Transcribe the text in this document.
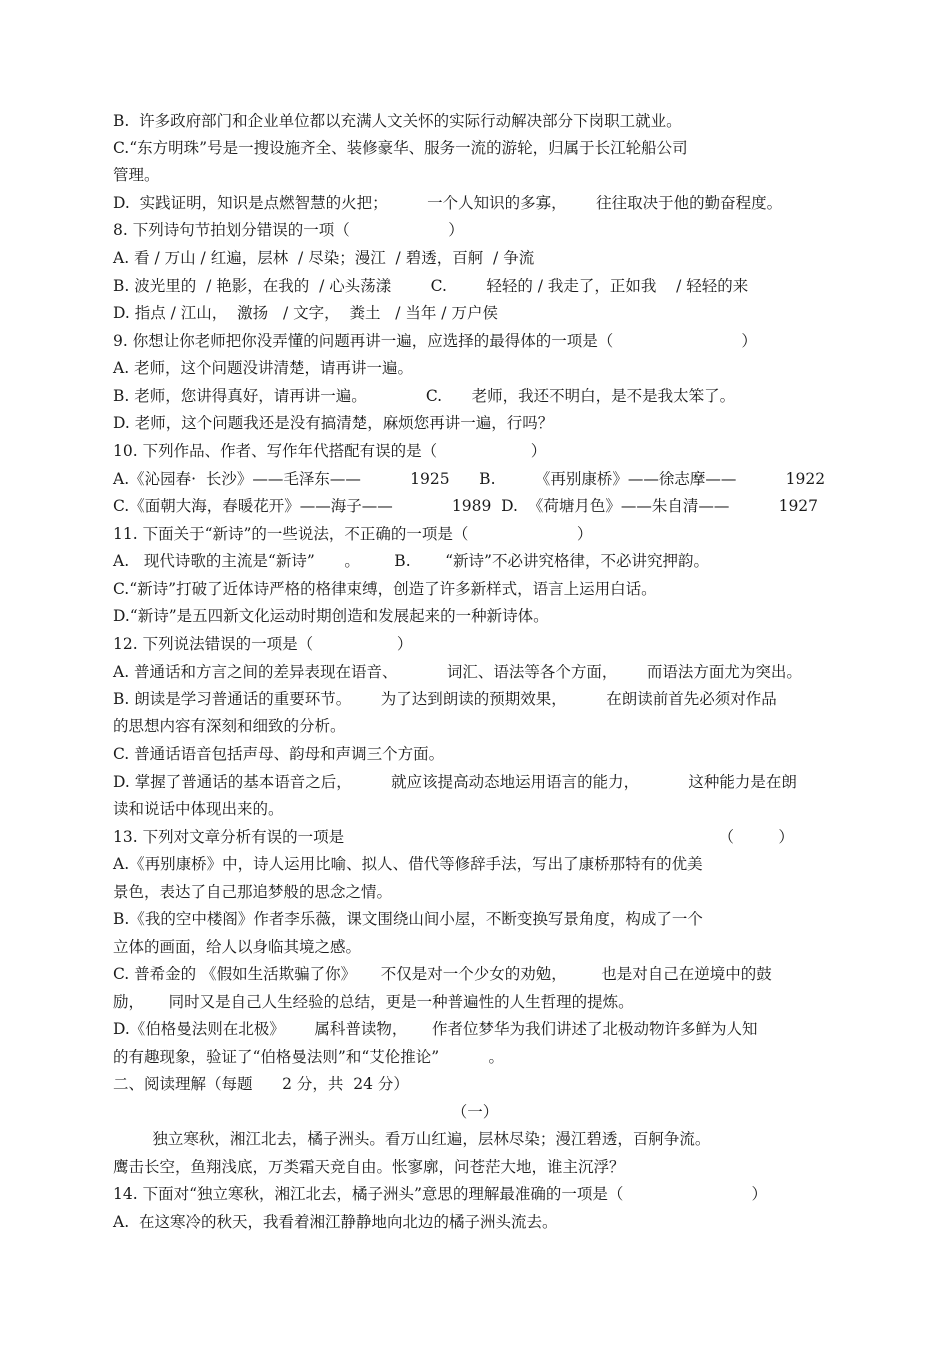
B.  许多政府部门和企业单位都以充满人文关怀的实际行动解决部分下岗职工就业。
C.“东方明珠”号是一搜设施齐全、装修豪华、服务一流的游轮，归属于长江轮船公司
管理。
D.  实践证明，知识是点燃智慧的火把；        一个人知识的多寡，      往往取决于他的勤奋程度。
8. 下列诗句节拍划分错误的一项（                    ）
A. 看 / 万山 / 红遍，层林  / 尽染；漫江  / 碧透，百舸  / 争流
B. 波光里的  / 艳影，在我的  / 心头荡漾        C.        轻轻的 / 我走了，正如我    / 轻轻的来
D. 指点 / 江山，  激扬   / 文字，  粪土   / 当年 / 万户侯
9. 你想让你老师把你没弄懂的问题再讲一遍，应选择的最得体的一项是（                          ）
A. 老师，这个问题没讲清楚，请再讲一遍。
B. 老师，您讲得真好，请再讲一遍。            C.      老师，我还不明白，是不是我太笨了。
D. 老师，这个问题我还是没有搞清楚，麻烦您再讲一遍，行吗？
10. 下列作品、作者、写作年代搭配有误的是（                   ）
A.《沁园春·  长沙》——毛泽东——          1925      B.        《再别康桥》——徐志摩——          1922
C.《面朝大海，春暖花开》——海子——            1989  D.  《荷塘月色》——朱自清——          1927
11. 下面关于“新诗”的一些说法，不正确的一项是（                      ）
A.   现代诗歌的主流是“新诗”      。       B.       “新诗”不必讲究格律，不必讲究押韵。
C.“新诗”打破了近体诗严格的格律束缚，创造了许多新样式，语言上运用白话。
D.“新诗”是五四新文化运动时期创造和发展起来的一种新诗体。
12. 下列说法错误的一项是（                 ）
A. 普通话和方言之间的差异表现在语音、          词汇、语法等各个方面，      而语法方面尤为突出。
B. 朗读是学习普通话的重要环节。      为了达到朗读的预期效果，        在朗读前首先必须对作品
的思想内容有深刻和细致的分析。
C. 普通话语音包括声母、韵母和声调三个方面。
D. 掌握了普通话的基本语音之后，        就应该提高动态地运用语言的能力，          这种能力是在朗
读和说话中体现出来的。
13. 下列对文章分析有误的一项是                                                                            （         ）
A.《再别康桥》中，诗人运用比喻、拟人、借代等修辞手法，写出了康桥那特有的优美
景色，表达了自己那追梦般的思念之情。
B.《我的空中楼阁》作者李乐薇，课文围绕山间小屋，不断变换写景角度，构成了一个
立体的画面，给人以身临其境之感。
C. 普希金的 《假如生活欺骗了你》     不仅是对一个少女的劝勉，       也是对自己在逆境中的鼓
励，     同时又是自己人生经验的总结，更是一种普遍性的人生哲理的提炼。
D.《伯格曼法则在北极》      属科普读物，     作者位梦华为我们讲述了北极动物许多鲜为人知
的有趣现象，验证了“伯格曼法则”和“艾伦推论”          。
二、阅读理解（每题      2 分，共  24 分）
（一）
独立寒秋，湘江北去，橘子洲头。看万山红遍，层林尽染；漫江碧透，百舸争流。
鹰击长空，鱼翔浅底，万类霜天竞自由。怅寥廓，问苍茫大地，谁主沉浮？
14. 下面对“独立寒秋，湘江北去，橘子洲头”意思的理解最准确的一项是（                          ）
A.  在这寒冷的秋天，我看着湘江静静地向北边的橘子洲头流去。
